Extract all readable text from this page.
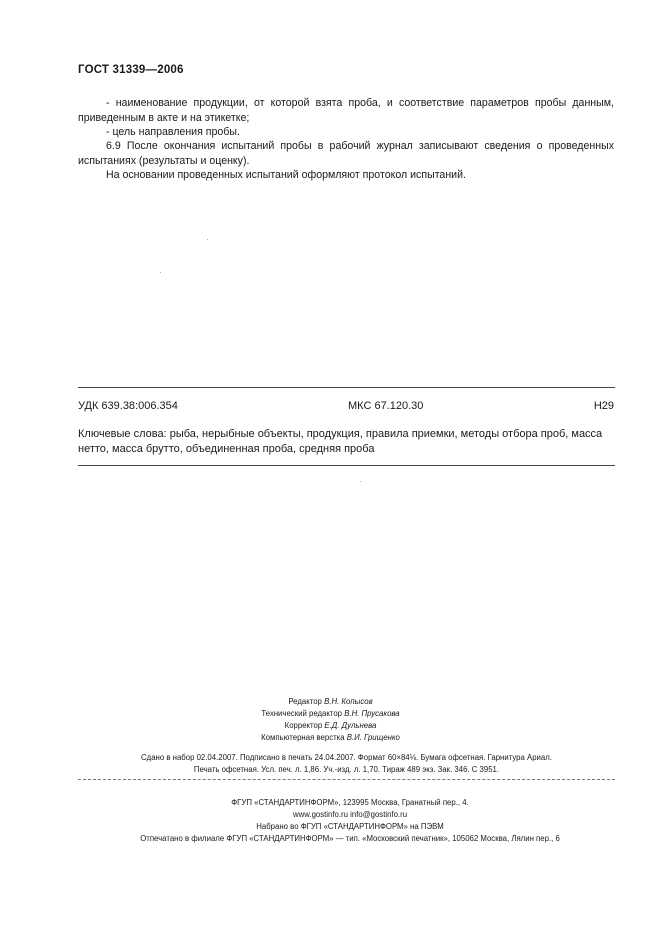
ГОСТ 31339—2006
- наименование продукции, от которой взята проба, и соответствие параметров пробы данным, приведенным в акте и на этикетке;
- цель направления пробы.
6.9 После окончания испытаний пробы в рабочий журнал записывают сведения о проведенных испытаниях (результаты и оценку).
На основании проведенных испытаний оформляют протокол испытаний.
УДК 639.38:006.354	МКС 67.120.30	Н29
Ключевые слова: рыба, нерыбные объекты, продукция, правила приемки, методы отбора проб, масса нетто, масса брутто, объединенная проба, средняя проба
Редактор В.Н. Копысов
Технический редактор В.Н. Прусакова
Корректор Е.Д. Дульнева
Компьютерная верстка В.И. Грищенко
Сдано в набор 02.04.2007. Подписано в печать 24.04.2007. Формат 60×84⅛. Бумага офсетная. Гарнитура Ариал.
Печать офсетная. Усл. печ. л. 1,86. Уч.-изд. л. 1,70. Тираж 489 экз. Зак. 346. С 3951.
ФГУП «СТАНДАРТИНФОРМ», 123995 Москва, Гранатный пер., 4.
www.gostinfo.ru info@gostinfo.ru
Набрано во ФГУП «СТАНДАРТИНФОРМ» на ПЭВМ
Отпечатано в филиале ФГУП «СТАНДАРТИНФОРМ» — тип. «Московский печатник», 105062 Москва, Лялин пер., 6
